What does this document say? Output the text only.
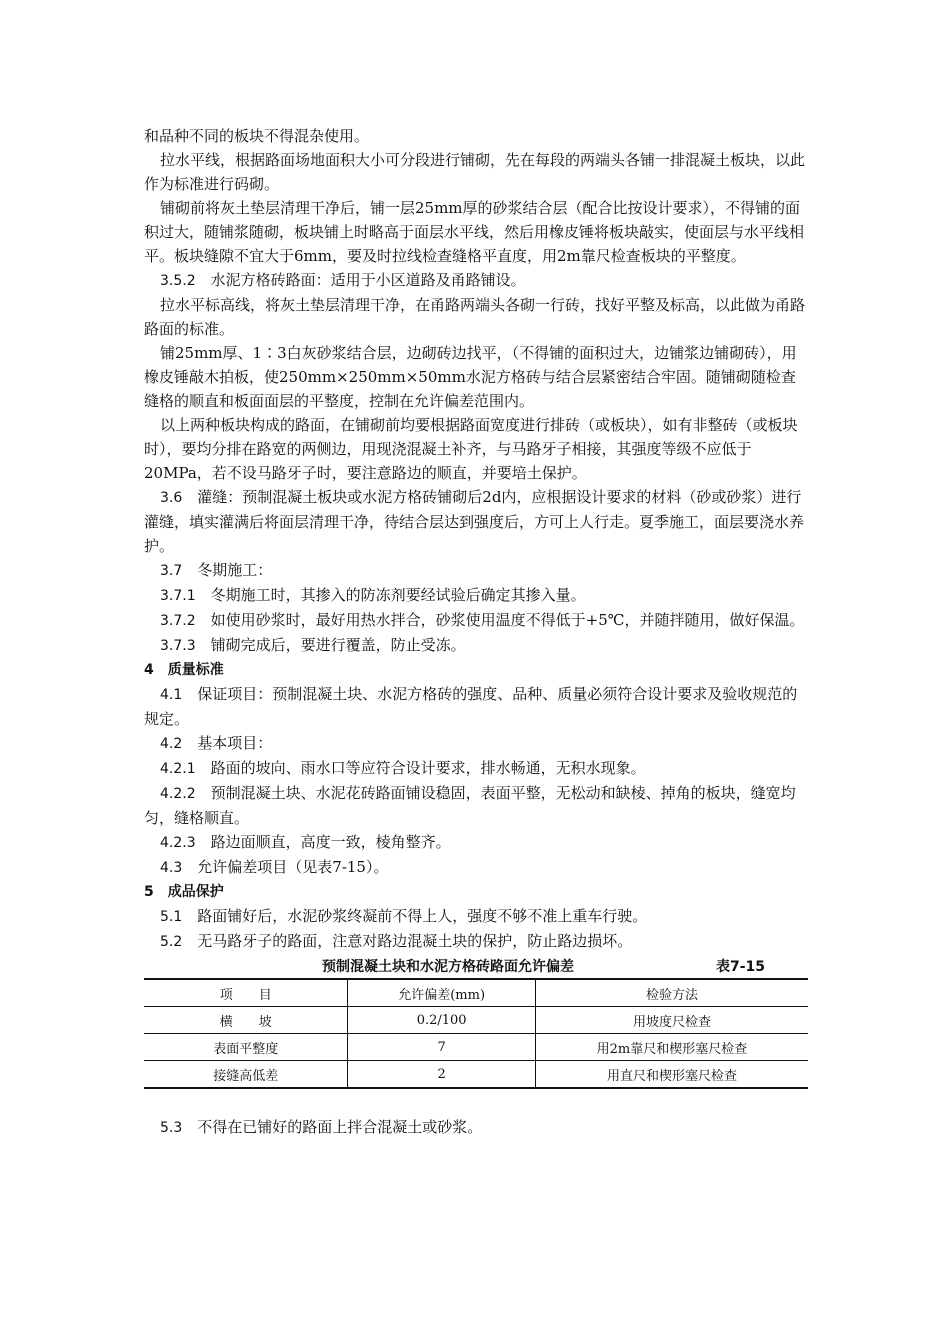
和品种不同的板块不得混杂使用。

拉水平线，根据路面场地面积大小可分段进行铺砌，先在每段的两端头各铺一排混凝土板块，以此作为标准进行码砌。

铺砌前将灰土垫层清理干净后，铺一层25mm厚的砂浆结合层（配合比按设计要求），不得铺的面积过大，随铺浆随砌，板块铺上时略高于面层水平线，然后用橡皮锤将板块敲实，使面层与水平线相平。板块缝隙不宜大于6mm，要及时拉线检查缝格平直度，用2m靠尺检查板块的平整度。

3.5.2　 水泥方格砖路面：适用于小区道路及甬路铺设。

拉水平标高线，将灰土垫层清理干净，在甬路两端头各砌一行砖，找好平整及标高，以此做为甬路路面的标准。

铺25mm厚、1∶3白灰砂浆结合层，边砌砖边找平，（不得铺的面积过大，边铺浆边铺砌砖），用橡皮锤敲木拍板，使250mm×250mm×50mm水泥方格砖与结合层紧密结合牢固。随铺砌随检查缝格的顺直和板面面层的平整度，控制在允许偏差范围内。

以上两种板块构成的路面，在铺砌前均要根据路面宽度进行排砖（或板块），如有非整砖（或板块时），要均分排在路宽的两侧边，用现浇混凝土补齐，与马路牙子相接，其强度等级不应低于20MPa，若不设马路牙子时，要注意路边的顺直，并要培土保护。

3.6　 灌缝：预制混凝土板块或水泥方格砖铺砌后2d内，应根据设计要求的材料（砂或砂浆）进行灌缝，填实灌满后将面层清理干净，待结合层达到强度后，方可上人行走。夏季施工，面层要浇水养护。

3.7　 冬期施工：

3.7.1　 冬期施工时，其掺入的防冻剂要经试验后确定其掺入量。

3.7.2　 如使用砂浆时，最好用热水拌合，砂浆使用温度不得低于+5℃，并随拌随用，做好保温。

3.7.3　 铺砌完成后，要进行覆盖，防止受冻。

4　质量标准

4.1　 保证项目：预制混凝土块、水泥方格砖的强度、品种、质量必须符合设计要求及验收规范的规定。

4.2　 基本项目：

4.2.1　 路面的坡向、雨水口等应符合设计要求，排水畅通，无积水现象。

4.2.2　 预制混凝土块、水泥花砖路面铺设稳固，表面平整，无松动和缺棱、掉角的板块，缝宽均匀，缝格顺直。

4.2.3　 路边面顺直，高度一致，棱角整齐。

4.3　 允许偏差项目（见表7-15）。

5　成品保护

5.1　 路面铺好后，水泥砂浆终凝前不得上人，强度不够不准上重车行驶。

5.2　 无马路牙子的路面，注意对路边混凝土块的保护，防止路边损坏。

预制混凝土块和水泥方格砖路面允许偏差	表7-15
项　　目	允许偏差(mm)	检验方法
横　　坡	0.2/100	用坡度尺检查
表面平整度	7	用2m靠尺和楔形塞尺检查
接缝高低差	2	用直尺和楔形塞尺检查

5.3　 不得在已铺好的路面上拌合混凝土或砂浆。
